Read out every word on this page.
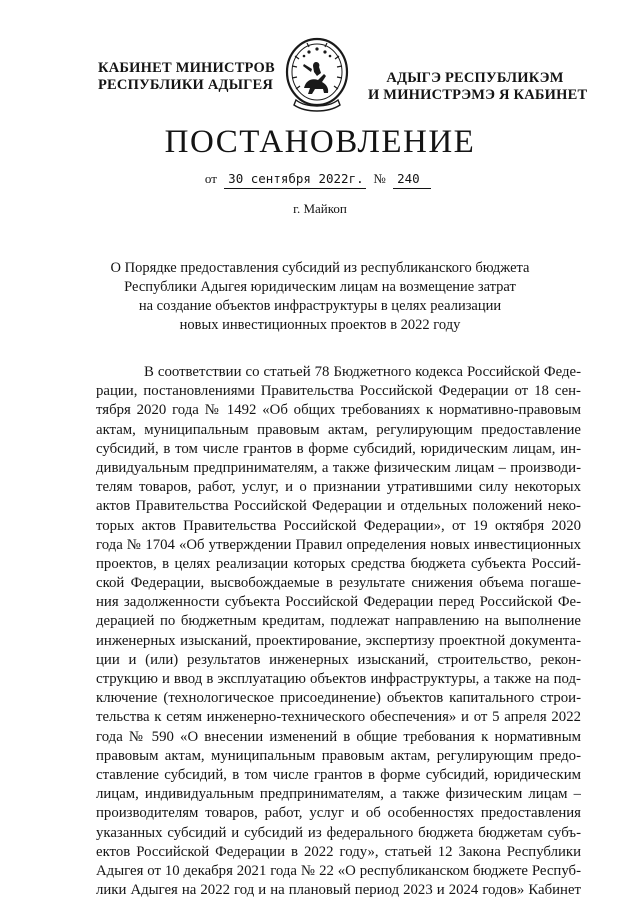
КАБИНЕТ МИНИСТРОВ
РЕСПУБЛИКИ АДЫГЕЯ	АДЫГЭ РЕСПУБЛИКЭМ
И МИНИСТРЭМЭ Я КАБИНЕТ
ПОСТАНОВЛЕНИЕ
от 30 сентября 2022г. № 240
г. Майкоп
О Порядке предоставления субсидий из республиканского бюджета
Республики Адыгея юридическим лицам на возмещение затрат
на создание объектов инфраструктуры в целях реализации
новых инвестиционных проектов в 2022 году
В соответствии со статьей 78 Бюджетного кодекса Российской Феде-
рации, постановлениями Правительства Российской Федерации от 18 сен-
тября 2020 года № 1492 «Об общих требованиях к нормативно-правовым
актам, муниципальным правовым актам, регулирующим предоставление
субсидий, в том числе грантов в форме субсидий, юридическим лицам, ин-
дивидуальным предпринимателям, а также физическим лицам – производи-
телям товаров, работ, услуг, и о признании утратившими силу некоторых
актов Правительства Российской Федерации и отдельных положений неко-
торых актов Правительства Российской Федерации», от 19 октября 2020
года № 1704 «Об утверждении Правил определения новых инвестиционных
проектов, в целях реализации которых средства бюджета субъекта Россий-
ской Федерации, высвобождаемые в результате снижения объема погаше-
ния задолженности субъекта Российской Федерации перед Российской Фе-
дерацией по бюджетным кредитам, подлежат направлению на выполнение
инженерных изысканий, проектирование, экспертизу проектной документа-
ции и (или) результатов инженерных изысканий, строительство, рекон-
струкцию и ввод в эксплуатацию объектов инфраструктуры, а также на под-
ключение (технологическое присоединение) объектов капитального строи-
тельства к сетям инженерно-технического обеспечения» и от 5 апреля 2022
года № 590 «О внесении изменений в общие требования к нормативным
правовым актам, муниципальным правовым актам, регулирующим предо-
ставление субсидий, в том числе грантов в форме субсидий, юридическим
лицам, индивидуальным предпринимателям, а также физическим лицам –
производителям товаров, работ, услуг и об особенностях предоставления
указанных субсидий и субсидий из федерального бюджета бюджетам субъ-
ектов Российской Федерации в 2022 году», статьей 12 Закона Республики
Адыгея от 10 декабря 2021 года № 22 «О республиканском бюджете Респуб-
лики Адыгея на 2022 год и на плановый период 2023 и 2024 годов» Кабинет
